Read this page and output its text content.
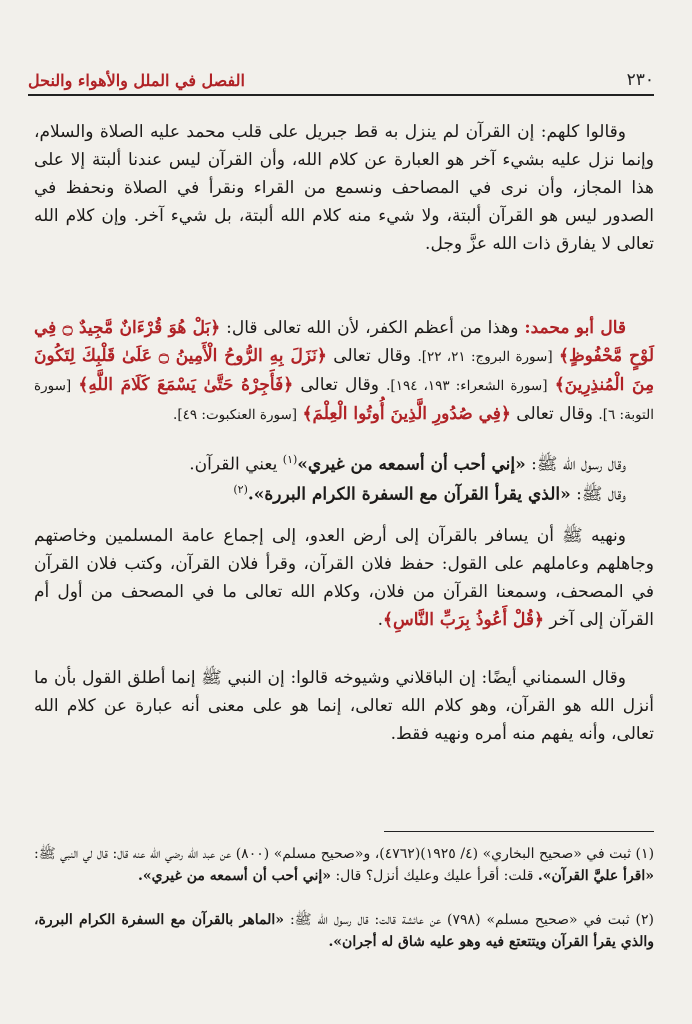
٢٣٠
الفصل في الملل والأهواء والنحل

وقالوا كلهم: إن القرآن لم ينزل به قط جبريل على قلب محمد عليه الصلاة والسلام، وإنما نزل عليه بشيء آخر هو العبارة عن كلام الله، وأن القرآن ليس عندنا ألبتة إلا على هذا المجاز، وأن نرى في المصاحف ونسمع من القراء ونقرأ في الصلاة ونحفظ في الصدور ليس هو القرآن ألبتة، ولا شيء منه كلام الله ألبتة، بل شيء آخر. وإن كلام الله تعالى لا يفارق ذات الله عزَّ وجل.

قال أبو محمد: وهذا من أعظم الكفر، لأن الله تعالى قال: ﴿بَلْ هُوَ قُرْءَانٌ مَّجِيدٌ ۝ فِي لَوْحٍ مَّحْفُوظٍ﴾ [سورة البروج: ٢١، ٢٢]. وقال تعالى ﴿نَزَلَ بِهِ الرُّوحُ الْأَمِينُ ۝ عَلَىٰ قَلْبِكَ لِتَكُونَ مِنَ الْمُنذِرِينَ﴾ [سورة الشعراء: ١٩٣، ١٩٤]. وقال تعالى ﴿فَأَجِرْهُ حَتَّىٰ يَسْمَعَ كَلَامَ اللَّهِ﴾ [سورة التوبة: ٦]. وقال تعالى ﴿فِي صُدُورِ الَّذِينَ أُوتُوا الْعِلْمَ﴾ [سورة العنكبوت: ٤٩].

وقال رسول الله ﷺ: «إني أحب أن أسمعه من غيري»$^{(١)}$ يعني القرآن.

وقال ﷺ: «الذي يقرأ القرآن مع السفرة الكرام البررة».$^{(٢)}$

ونهيه ﷺ أن يسافر بالقرآن إلى أرض العدو، إلى إجماع عامة المسلمين وخاصتهم وجاهلهم وعاملهم على القول: حفظ فلان القرآن، وقرأ فلان القرآن، وكتب فلان القرآن في المصحف، وسمعنا القرآن من فلان، وكلام الله تعالى ما في المصحف من أول أم القرآن إلى آخر ﴿قُلْ أَعُوذُ بِرَبِّ النَّاسِ﴾.

وقال السمناني أيضًا: إن الباقلاني وشيوخه قالوا: إن النبي ﷺ إنما أطلق القول بأن ما أنزل الله هو القرآن، وهو كلام الله تعالى، إنما هو على معنى أنه عبارة عن كلام الله تعالى، وأنه يفهم منه أمره ونهيه فقط.

(١) ثبت في «صحيح البخاري» (٤/ ١٩٢٥)(٤٧٦٢)، و«صحيح مسلم» (٨٠٠) عن عبد الله رضي الله عنه قال: قال لي النبي ﷺ: «اقرأ عليَّ القرآن». قلت: أقرأ عليك وعليك أنزل؟ قال: «إني أحب أن أسمعه من غيري».

(٢) ثبت في «صحيح مسلم» (٧٩٨) عن عائشة قالت: قال رسول الله ﷺ: «الماهر بالقرآن مع السفرة الكرام البررة، والذي يقرأ القرآن ويتتعتع فيه وهو عليه شاق له أجران».
